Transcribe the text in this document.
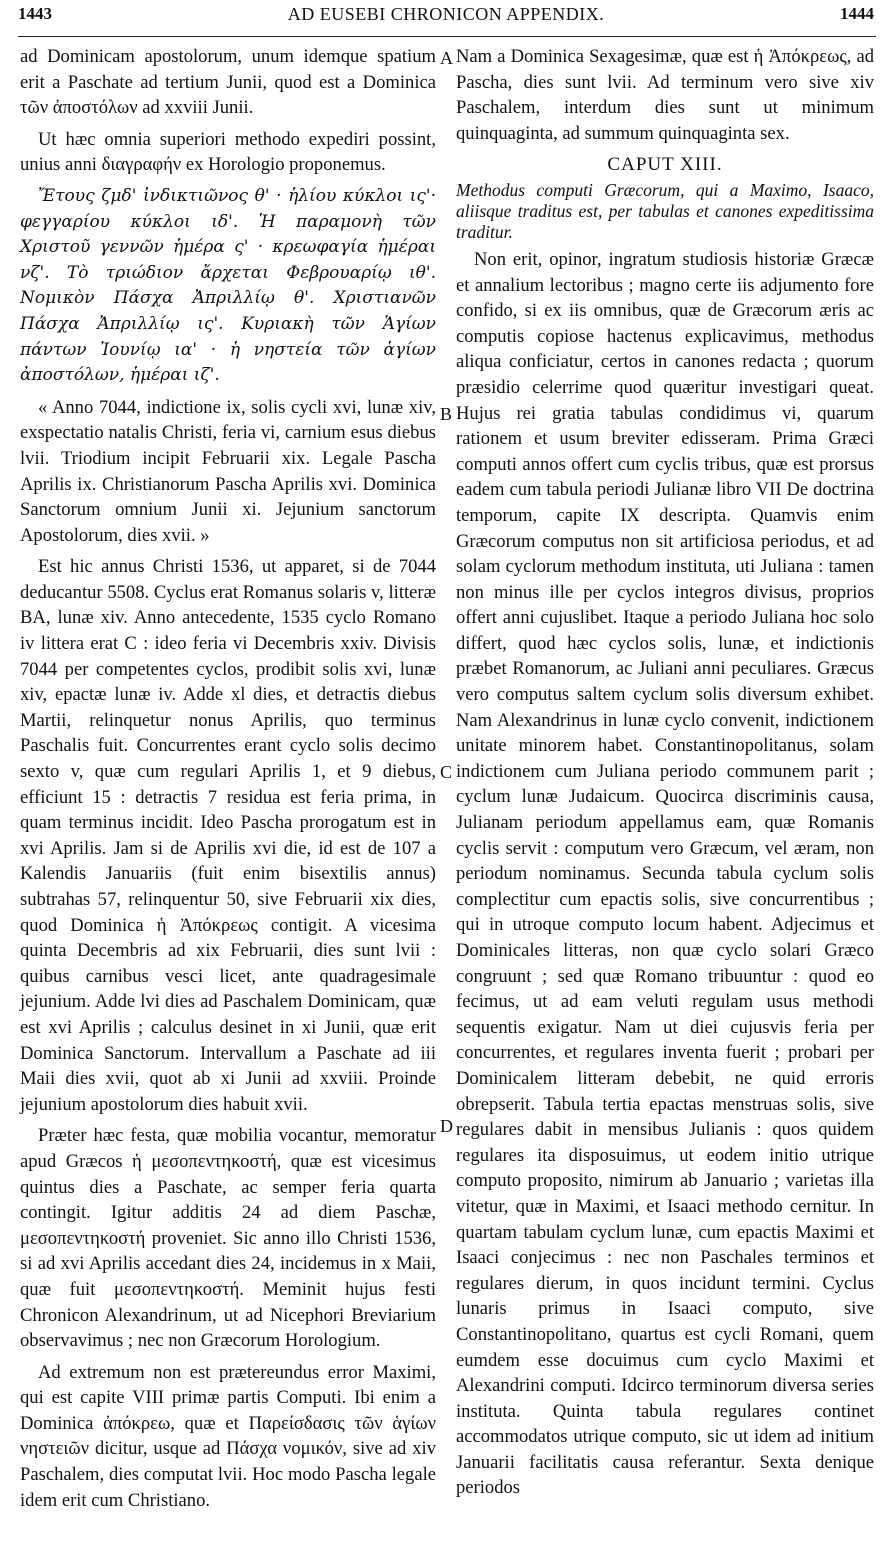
1443	AD EUSEBI CHRONICON APPENDIX.	1444
A
B
C
D

ad Dominicam apostolorum, unum idemque spatium erit a Paschate ad tertium Junii, quod est a Dominica τῶν ἀποστόλων ad xxviii Junii.

Ut hæc omnia superiori methodo expediri possint, unius anni διαγραφήν ex Horologio proponemus.

Ἔτους ζμδ' ἰνδικτιῶνος θ' · ἡλίου κύκλοι ις'· φεγγαρίου κύκλοι ιδ'. Ἡ παραμονὴ τῶν Χριστοῦ γεννῶν ἡμέρα ς' · κρεωφαγία ἡμέραι νζ'. Τὸ τριώδιον ἄρχεται Φεβρουαρίῳ ιθ'. Νομικὸν Πάσχα Ἀπριλλίῳ θ'. Χριστιανῶν Πάσχα Ἀπριλλίῳ ις'. Κυριακὴ τῶν Ἁγίων πάντων Ἰουνίῳ ια' · ἡ νηστεία τῶν ἁγίων ἀποστόλων, ἡμέραι ιζ'.

« Anno 7044, indictione ix, solis cycli xvi, lunæ xiv, exspectatio natalis Christi, feria vi, carnium esus diebus lvii. Triodium incipit Februarii xix. Legale Pascha Aprilis ix. Christianorum Pascha Aprilis xvi. Dominica Sanctorum omnium Junii xi. Jejunium sanctorum Apostolorum, dies xvii. »

Est hic annus Christi 1536, ut apparet, si de 7044 deducantur 5508. Cyclus erat Romanus solaris v, litteræ BA, lunæ xiv. Anno antecedente, 1535 cyclo Romano iv littera erat C : ideo feria vi Decembris xxiv. Divisis 7044 per competentes cyclos, prodibit solis xvi, lunæ xiv, epactæ lunæ iv. Adde xl dies, et detractis diebus Martii, relinquetur nonus Aprilis, quo terminus Paschalis fuit. Concurrentes erant cyclo solis decimo sexto v, quæ cum regulari Aprilis 1, et 9 diebus, efficiunt 15 : detractis 7 residua est feria prima, in quam terminus incidit. Ideo Pascha prorogatum est in xvi Aprilis. Jam si de Aprilis xvi die, id est de 107 a Kalendis Januariis (fuit enim bisextilis annus) subtrahas 57, relinquentur 50, sive Februarii xix dies, quod Dominica ἡ Ἀπόκρεως contigit. A vicesima quinta Decembris ad xix Februarii, dies sunt lvii : quibus carnibus vesci licet, ante quadragesimale jejunium. Adde lvi dies ad Paschalem Dominicam, quæ est xvi Aprilis ; calculus desinet in xi Junii, quæ erit Dominica Sanctorum. Intervallum a Paschate ad iii Maii dies xvii, quot ab xi Junii ad xxviii. Proinde jejunium apostolorum dies habuit xvii.

Præter hæc festa, quæ mobilia vocantur, memoratur apud Græcos ἡ μεσοπεντηκοστή, quæ est vicesimus quintus dies a Paschate, ac semper feria quarta contingit. Igitur additis 24 ad diem Paschæ, μεσοπεντηκοστή proveniet. Sic anno illo Christi 1536, si ad xvi Aprilis accedant dies 24, incidemus in x Maii, quæ fuit μεσοπεντηκοστή. Meminit hujus festi Chronicon Alexandrinum, ut ad Nicephori Breviarium observavimus ; nec non Græcorum Horologium.

Ad extremum non est prætereundus error Maximi, qui est capite VIII primæ partis Computi. Ibi enim a Dominica ἀπόκρεω, quæ et Παρείσδασις τῶν ἁγίων νηστειῶν dicitur, usque ad Πάσχα νομικόν, sive ad xiv Paschalem, dies computat lvii. Hoc modo Pascha legale idem erit cum Christiano.

Nam a Dominica Sexagesimæ, quæ est ἡ Ἀπόκρεως, ad Pascha, dies sunt lvii. Ad terminum vero sive xiv Paschalem, interdum dies sunt ut minimum quinquaginta, ad summum quinquaginta sex.

CAPUT XIII.
Methodus computi Græcorum, qui a Maximo, Isaaco, aliisque traditus est, per tabulas et canones expeditissima traditur.

Non erit, opinor, ingratum studiosis historiæ Græcæ et annalium lectoribus ; magno certe iis adjumento fore confido, si ex iis omnibus, quæ de Græcorum æris ac computis copiose hactenus explicavimus, methodus aliqua conficiatur, certos in canones redacta ; quorum præsidio celerrime quod quæritur investigari queat. Hujus rei gratia tabulas condidimus vi, quarum rationem et usum breviter edisseram. Prima Græci computi annos offert cum cyclis tribus, quæ est prorsus eadem cum tabula periodi Julianæ libro VII De doctrina temporum, capite IX descripta. Quamvis enim Græcorum computus non sit artificiosa periodus, et ad solam cyclorum methodum instituta, uti Juliana : tamen non minus ille per cyclos integros divisus, proprios offert anni cujuslibet. Itaque a periodo Juliana hoc solo differt, quod hæc cyclos solis, lunæ, et indictionis præbet Romanorum, ac Juliani anni peculiares. Græcus vero computus saltem cyclum solis diversum exhibet. Nam Alexandrinus in lunæ cyclo convenit, indictionem unitate minorem habet. Constantinopolitanus, solam indictionem cum Juliana periodo communem parit ; cyclum lunæ Judaicum. Quocirca discriminis causa, Julianam periodum appellamus eam, quæ Romanis cyclis servit : computum vero Græcum, vel æram, non periodum nominamus. Secunda tabula cyclum solis complectitur cum epactis solis, sive concurrentibus ; qui in utroque computo locum habent. Adjecimus et Dominicales litteras, non quæ cyclo solari Græco congruunt ; sed quæ Romano tribuuntur : quod eo fecimus, ut ad eam veluti regulam usus methodi sequentis exigatur. Nam ut diei cujusvis feria per concurrentes, et regulares inventa fuerit ; probari per Dominicalem litteram debebit, ne quid erroris obrepserit. Tabula tertia epactas menstruas solis, sive regulares dabit in mensibus Julianis : quos quidem regulares ita disposuimus, ut eodem initio utrique computo proposito, nimirum ab Januario ; varietas illa vitetur, quæ in Maximi, et Isaaci methodo cernitur. In quartam tabulam cyclum lunæ, cum epactis Maximi et Isaaci conjecimus : nec non Paschales terminos et regulares dierum, in quos incidunt termini. Cyclus lunaris primus in Isaaci computo, sive Constantinopolitano, quartus est cycli Romani, quem eumdem esse docuimus cum cyclo Maximi et Alexandrini computi. Idcirco terminorum diversa series instituta. Quinta tabula regulares continet accommodatos utrique computo, sic ut idem ad initium Januarii facilitatis causa referantur. Sexta denique periodos
